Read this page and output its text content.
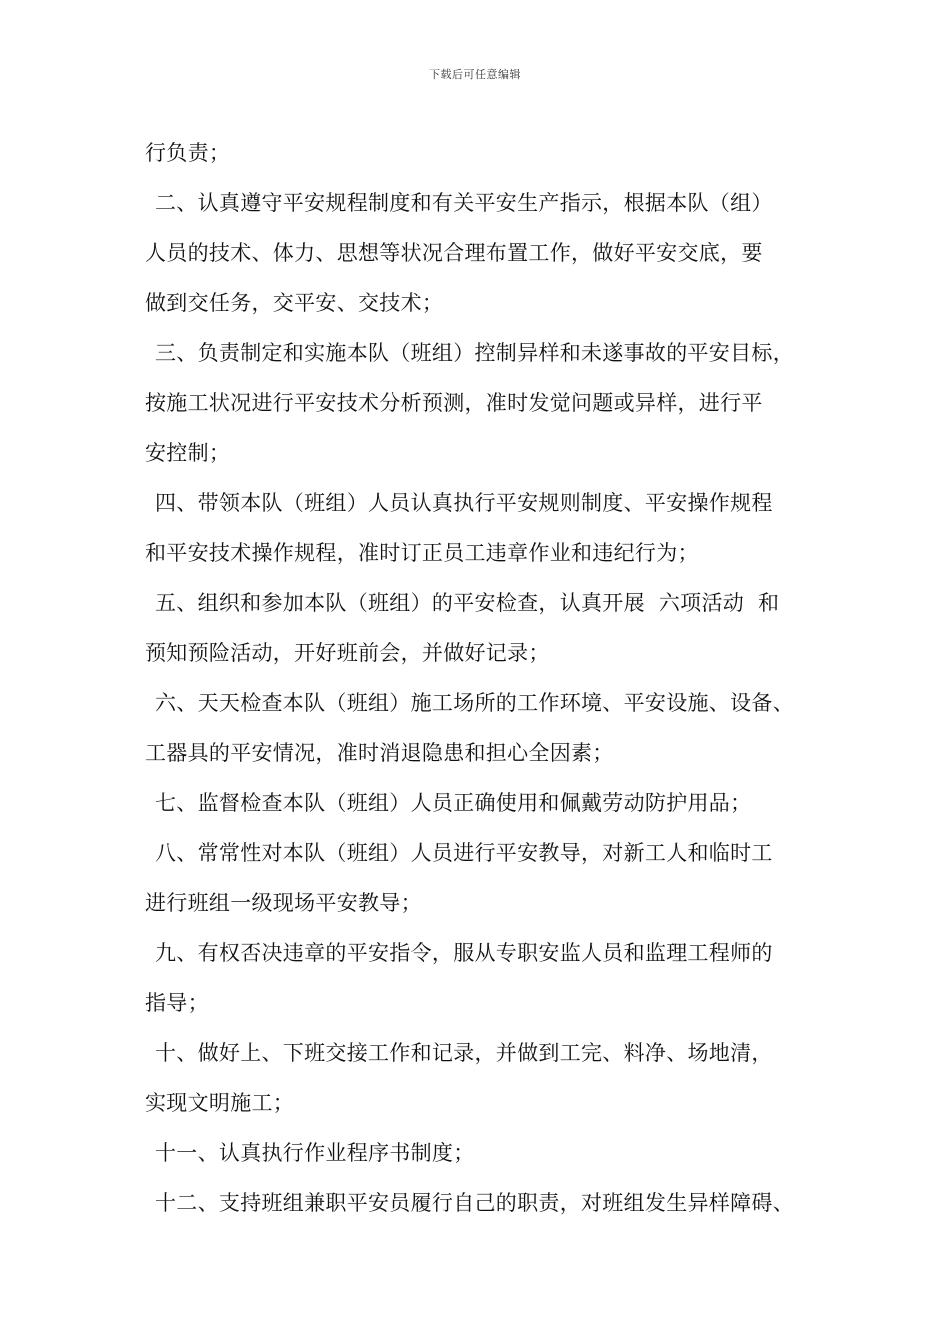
下载后可任意编辑
行负责；
二、认真遵守平安规程制度和有关平安生产指示，根据本队（组）
人员的技术、体力、思想等状况合理布置工作，做好平安交底，要
做到交任务，交平安、交技术；
三、负责制定和实施本队（班组）控制异样和未遂事故的平安目标，
按施工状况进行平安技术分析预测，准时发觉问题或异样，进行平
安控制；
四、带领本队（班组）人员认真执行平安规则制度、平安操作规程
和平安技术操作规程，准时订正员工违章作业和违纪行为；
五、组织和参加本队（班组）的平安检查，认真开展  六项活动  和
预知预险活动，开好班前会，并做好记录；
六、天天检查本队（班组）施工场所的工作环境、平安设施、设备、
工器具的平安情况，准时消退隐患和担心全因素；
七、监督检查本队（班组）人员正确使用和佩戴劳动防护用品；
八、常常性对本队（班组）人员进行平安教导，对新工人和临时工
进行班组一级现场平安教导；
九、有权否决违章的平安指令，服从专职安监人员和监理工程师的
指导；
十、做好上、下班交接工作和记录，并做到工完、料净、场地清，
实现文明施工；
十一、认真执行作业程序书制度；
十二、支持班组兼职平安员履行自己的职责，对班组发生异样障碍、
